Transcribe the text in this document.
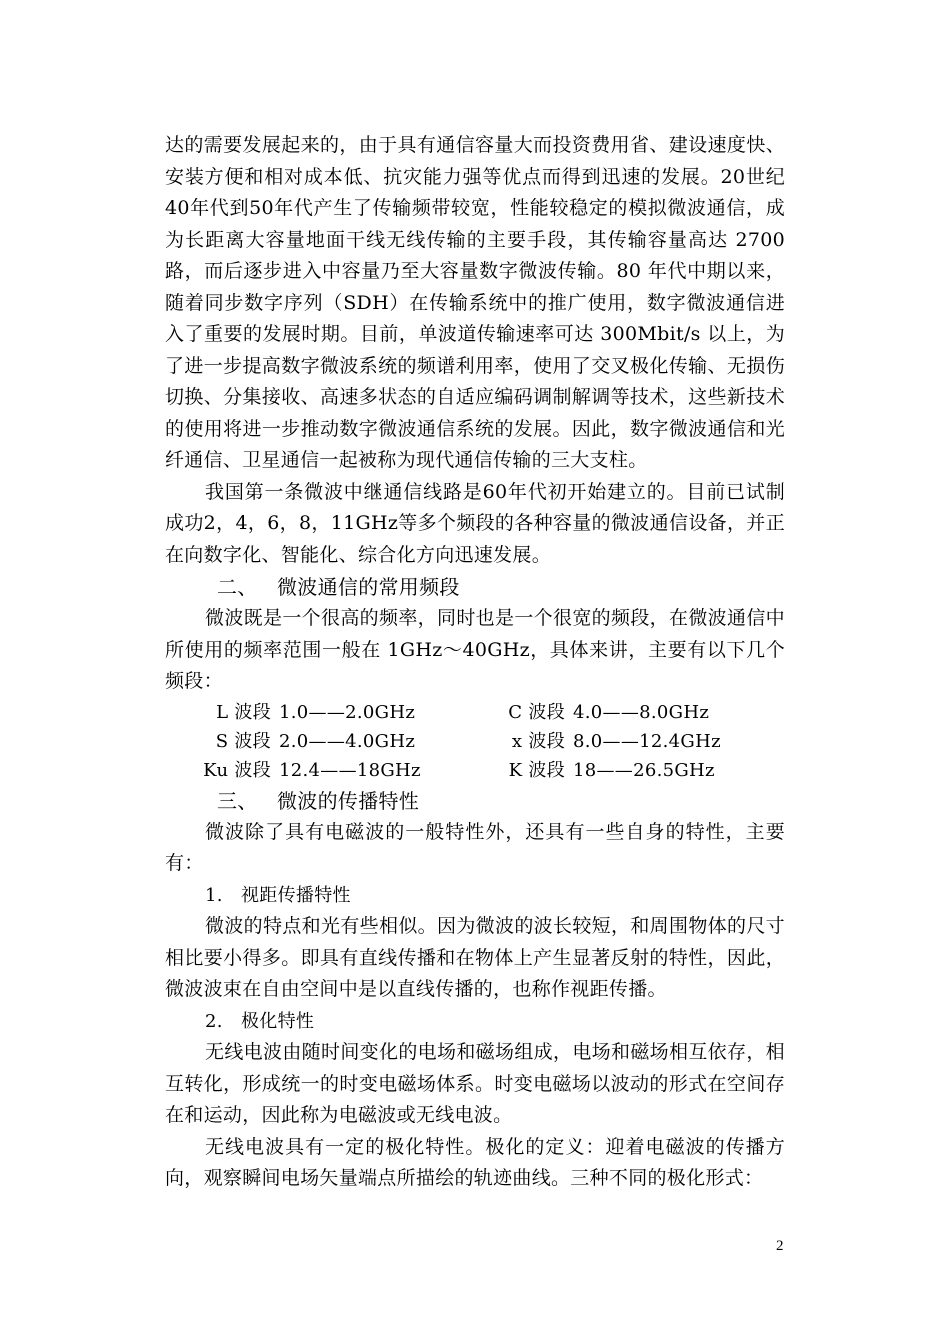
达的需要发展起来的，由于具有通信容量大而投资费用省、建设速度快、安装方便和相对成本低、抗灾能力强等优点而得到迅速的发展。20世纪40年代到50年代产生了传输频带较宽，性能较稳定的模拟微波通信，成为长距离大容量地面干线无线传输的主要手段，其传输容量高达 2700 路，而后逐步进入中容量乃至大容量数字微波传输。80 年代中期以来，随着同步数字序列（SDH）在传输系统中的推广使用，数字微波通信进入了重要的发展时期。目前，单波道传输速率可达 300Mbit/s 以上，为了进一步提高数字微波系统的频谱利用率，使用了交叉极化传输、无损伤切换、分集接收、高速多状态的自适应编码调制解调等技术，这些新技术的使用将进一步推动数字微波通信系统的发展。因此，数字微波通信和光纤通信、卫星通信一起被称为现代通信传输的三大支柱。

我国第一条微波中继通信线路是60年代初开始建立的。目前已试制成功2，4，6，8，11GHz等多个频段的各种容量的微波通信设备，并正在向数字化、智能化、综合化方向迅速发展。

二、 微波通信的常用频段

微波既是一个很高的频率，同时也是一个很宽的频段，在微波通信中所使用的频率范围一般在 1GHz～40GHz，具体来讲，主要有以下几个频段：

L 波段 1.0——2.0GHz	C 波段 4.0——8.0GHz
S 波段 2.0——4.0GHz	x 波段 8.0——12.4GHz
Ku 波段 12.4——18GHz	K 波段 18——26.5GHz

三、 微波的传播特性

微波除了具有电磁波的一般特性外，还具有一些自身的特性，主要有：

1. 视距传播特性

微波的特点和光有些相似。因为微波的波长较短，和周围物体的尺寸相比要小得多。即具有直线传播和在物体上产生显著反射的特性，因此，微波波束在自由空间中是以直线传播的，也称作视距传播。

2. 极化特性

无线电波由随时间变化的电场和磁场组成，电场和磁场相互依存，相互转化，形成统一的时变电磁场体系。时变电磁场以波动的形式在空间存在和运动，因此称为电磁波或无线电波。

无线电波具有一定的极化特性。极化的定义：迎着电磁波的传播方向，观察瞬间电场矢量端点所描绘的轨迹曲线。三种不同的极化形式：

2
